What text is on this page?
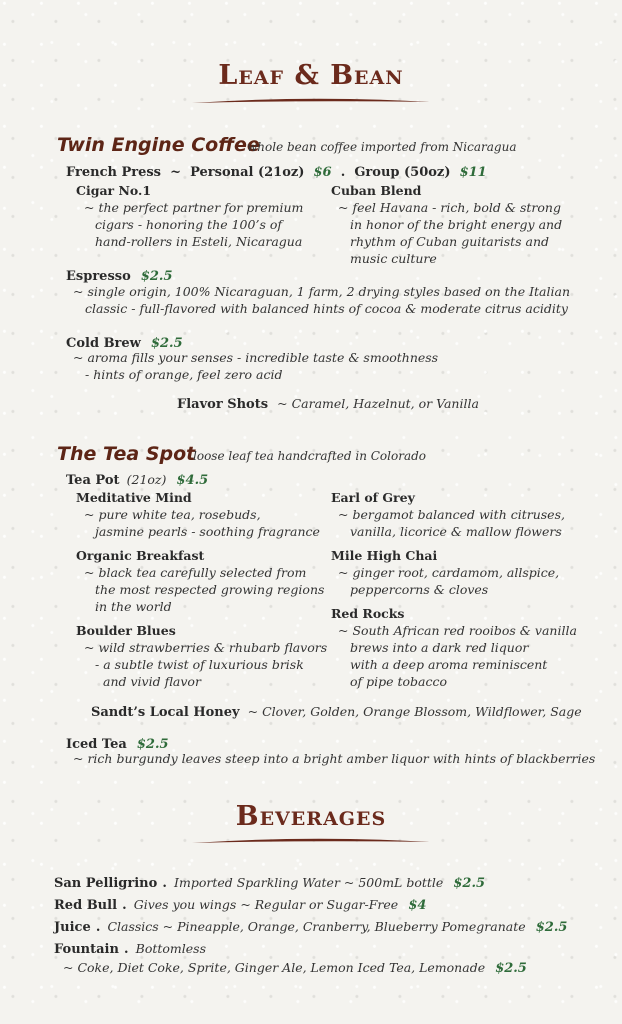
Leaf & Bean
Twin Engine Coffee
whole bean coffee imported from Nicaragua
French Press ~ Personal (21oz) $6 . Group (50oz) $11
Cigar No.1
~ the perfect partner for premium
cigars - honoring the 100’s of
hand-rollers in Esteli, Nicaragua
Cuban Blend
~ feel Havana - rich, bold & strong
in honor of the bright energy and
rhythm of Cuban guitarists and
music culture
Espresso $2.5
~ single origin, 100% Nicaraguan, 1 farm, 2 drying styles based on the Italian
classic - full-flavored with balanced hints of cocoa & moderate citrus acidity
Cold Brew $2.5
~ aroma fills your senses - incredible taste & smoothness
- hints of orange, feel zero acid
Flavor Shots ~ Caramel, Hazelnut, or Vanilla
The Tea Spot
loose leaf tea handcrafted in Colorado
Tea Pot (21oz) $4.5
Meditative Mind
~ pure white tea, rosebuds,
jasmine pearls - soothing fragrance
Earl of Grey
~ bergamot balanced with citruses,
vanilla, licorice & mallow flowers
Organic Breakfast
~ black tea carefully selected from
the most respected growing regions
in the world
Mile High Chai
~ ginger root, cardamom, allspice,
peppercorns & cloves
Red Rocks
~ South African red rooibos & vanilla
brews into a dark red liquor
with a deep aroma reminiscent
of pipe tobacco
Boulder Blues
~ wild strawberries & rhubarb flavors
- a subtle twist of luxurious brisk
and vivid flavor
Sandt’s Local Honey ~ Clover, Golden, Orange Blossom, Wildflower, Sage
Iced Tea $2.5
~ rich burgundy leaves steep into a bright amber liquor with hints of blackberries
Beverages
San Pelligrino . Imported Sparkling Water ~ 500mL bottle $2.5
Red Bull . Gives you wings ~ Regular or Sugar-Free $4
Juice . Classics ~ Pineapple, Orange, Cranberry, Blueberry Pomegranate $2.5
Fountain . Bottomless
~ Coke, Diet Coke, Sprite, Ginger Ale, Lemon Iced Tea, Lemonade $2.5
